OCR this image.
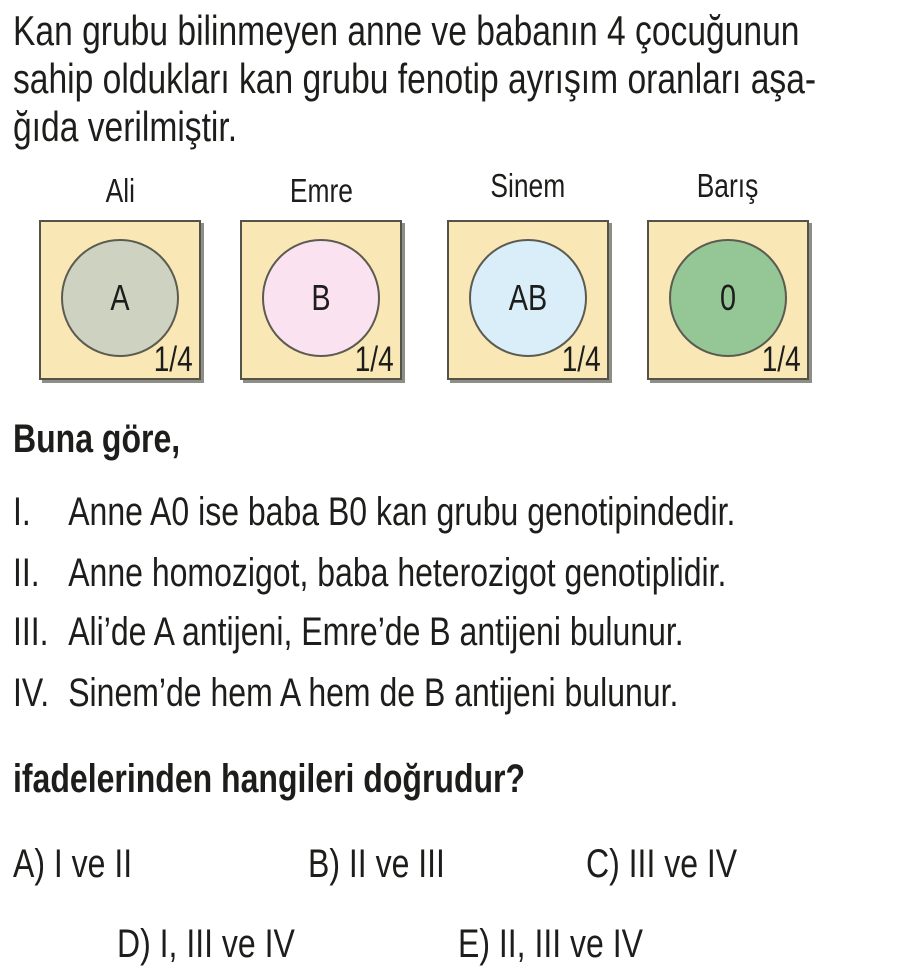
Kan grubu bilinmeyen anne ve babanın 4 çocuğunun
sahip oldukları kan grubu fenotip ayrışım oranları aşa-
ğıda verilmiştir.
Ali	Emre	Sinem	Barış
A
1/4
B
1/4
AB
1/4
0
1/4
Buna göre,
I. Anne A0 ise baba B0 kan grubu genotipindedir.
II. Anne homozigot, baba heterozigot genotiplidir.
III. Ali’de A antijeni, Emre’de B antijeni bulunur.
IV. Sinem’de hem A hem de B antijeni bulunur.
ifadelerinden hangileri doğrudur?
A) I ve II	B) II ve III	C) III ve IV
D) I, III ve IV	E) II, III ve IV
